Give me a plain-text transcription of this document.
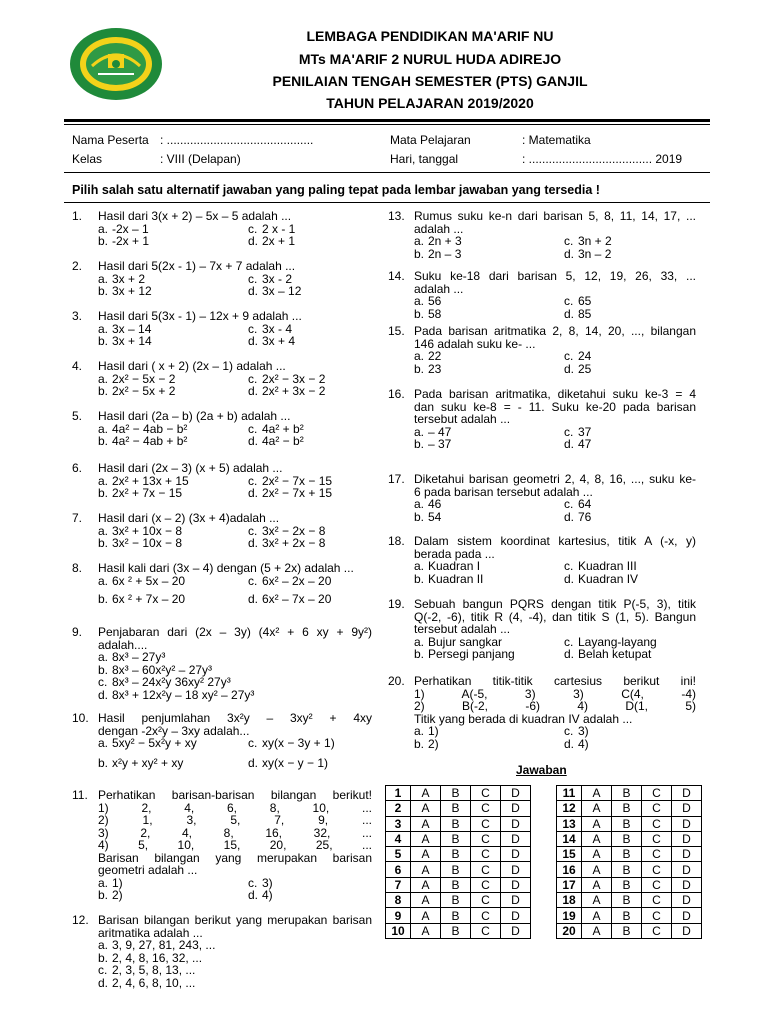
LEMBAGA PENDIDIKAN MA'ARIF NU
MTs MA'ARIF 2 NURUL HUDA ADIREJO
PENILAIAN TENGAH SEMESTER (PTS) GANJIL
TAHUN PELAJARAN 2019/2020
Nama Peserta : ............................................
Kelas	: VIII (Delapan)
Mata Pelajaran	: Matematika
Hari, tanggal	: ..................................... 2019
Pilih salah satu alternatif jawaban yang paling tepat pada lembar jawaban yang tersedia !
1.	Hasil dari 3(x + 2) – 5x – 5 adalah ...
a. -2x – 1	c. 2 x - 1
b. -2x + 1	d. 2x + 1
2.	Hasil dari 5(2x - 1) – 7x + 7 adalah ...
a. 3x + 2	c. 3x - 2
b. 3x + 12	d. 3x – 12
3.	Hasil dari 5(3x - 1) – 12x + 9 adalah ...
a. 3x – 14	c. 3x - 4
b. 3x + 14	d. 3x + 4
4.	Hasil dari ( x + 2) (2x – 1) adalah ...
a. 2x² − 5x − 2	c. 2x² − 3x − 2
b. 2x² − 5x + 2	d. 2x² + 3x − 2
5.	Hasil dari (2a – b) (2a + b) adalah ...
a. 4a² − 4ab − b²	c. 4a² + b²
b. 4a² − 4ab + b²	d. 4a² − b²
6.	Hasil dari (2x – 3) (x + 5) adalah ...
a. 2x² + 13x + 15	c. 2x² − 7x − 15
b. 2x² + 7x − 15	d. 2x² − 7x + 15
7.	Hasil dari (x – 2) (3x + 4)adalah ...
a. 3x² + 10x − 8	c. 3x² − 2x − 8
b. 3x² − 10x − 8	d. 3x² + 2x − 8
8.	Hasil kali dari (3x – 4) dengan (5 + 2x) adalah ...
a. 6x ² + 5x – 20	c. 6x² – 2x – 20
b. 6x ² + 7x – 20	d. 6x² – 7x – 20
9.	Penjabaran dari (2x – 3y) (4x² + 6 xy + 9y²)
adalah....
a. 8x³ – 27y³
b. 8x³ – 60x²y² – 27y³
c. 8x³ – 24x²y 36xy² 27y³
d. 8x³ + 12x²y – 18 xy² – 27y³
10. Hasil penjumlahan 3x²y – 3xy² + 4xy
dengan -2x²y – 3xy adalah...
a. 5xy² − 5x²y + xy	c. xy(x − 3y + 1)
b. x²y + xy² + xy	d. xy(x − y − 1)
11. Perhatikan barisan-barisan bilangan berikut!
1) 2, 4, 6, 8, 10, ...
2) 1, 3, 5, 7, 9, ...
3) 2, 4, 8, 16, 32, ...
4) 5, 10, 15, 20, 25, ...
Barisan bilangan yang merupakan barisan
geometri adalah ...
a. 1)	c. 3)
b. 2)	d. 4)
12. Barisan bilangan berikut yang merupakan barisan
aritmatika adalah ...
a. 3, 9, 27, 81, 243, ...
b. 2, 4, 8, 16, 32, ...
c. 2, 3, 5, 8, 13, ...
d. 2, 4, 6, 8, 10, ...
13. Rumus suku ke-n dari barisan 5, 8, 11, 14, 17, ...
adalah ...
a. 2n + 3	c. 3n + 2
b. 2n – 3	d. 3n – 2
14. Suku ke-18 dari barisan 5, 12, 19, 26, 33, ...
adalah ...
a. 56	c. 65
b. 58	d. 85
15. Pada barisan aritmatika 2, 8, 14, 20, ..., bilangan
146 adalah suku ke- ...
a. 22	c. 24
b. 23	d. 25
16. Pada barisan aritmatika, diketahui suku ke-3 = 4
dan suku ke-8 = - 11. Suku ke-20 pada barisan
tersebut adalah ...
a. – 47	c. 37
b. – 37	d. 47
17. Diketahui barisan geometri 2, 4, 8, 16, ..., suku ke-
6 pada barisan tersebut adalah ...
a. 46	c. 64
b. 54	d. 76
18. Dalam sistem koordinat kartesius, titik A (-x, y)
berada pada ...
a. Kuadran I	c. Kuadran III
b. Kuadran II	d. Kuadran IV
19. Sebuah bangun PQRS dengan titik P(-5, 3), titik
Q(-2, -6), titik R (4, -4), dan titik S (1, 5). Bangun
tersebut adalah ...
a. Bujur sangkar	c. Layang-layang
b. Persegi panjang	d. Belah ketupat
20. Perhatikan titik-titik cartesius berikut ini!
1) A(-5, 3) 3) C(4, -4)
2) B(-2, -6) 4) D(1, 5)
Titik yang berada di kuadran IV adalah ...
a. 1)	c. 3)
b. 2)	d. 4)
Jawaban
1	A	B	C	D
2	A	B	C	D
3	A	B	C	D
4	A	B	C	D
5	A	B	C	D
6	A	B	C	D
7	A	B	C	D
8	A	B	C	D
9	A	B	C	D
10	A	B	C	D
11	A	B	C	D
12	A	B	C	D
13	A	B	C	D
14	A	B	C	D
15	A	B	C	D
16	A	B	C	D
17	A	B	C	D
18	A	B	C	D
19	A	B	C	D
20	A	B	C	D
